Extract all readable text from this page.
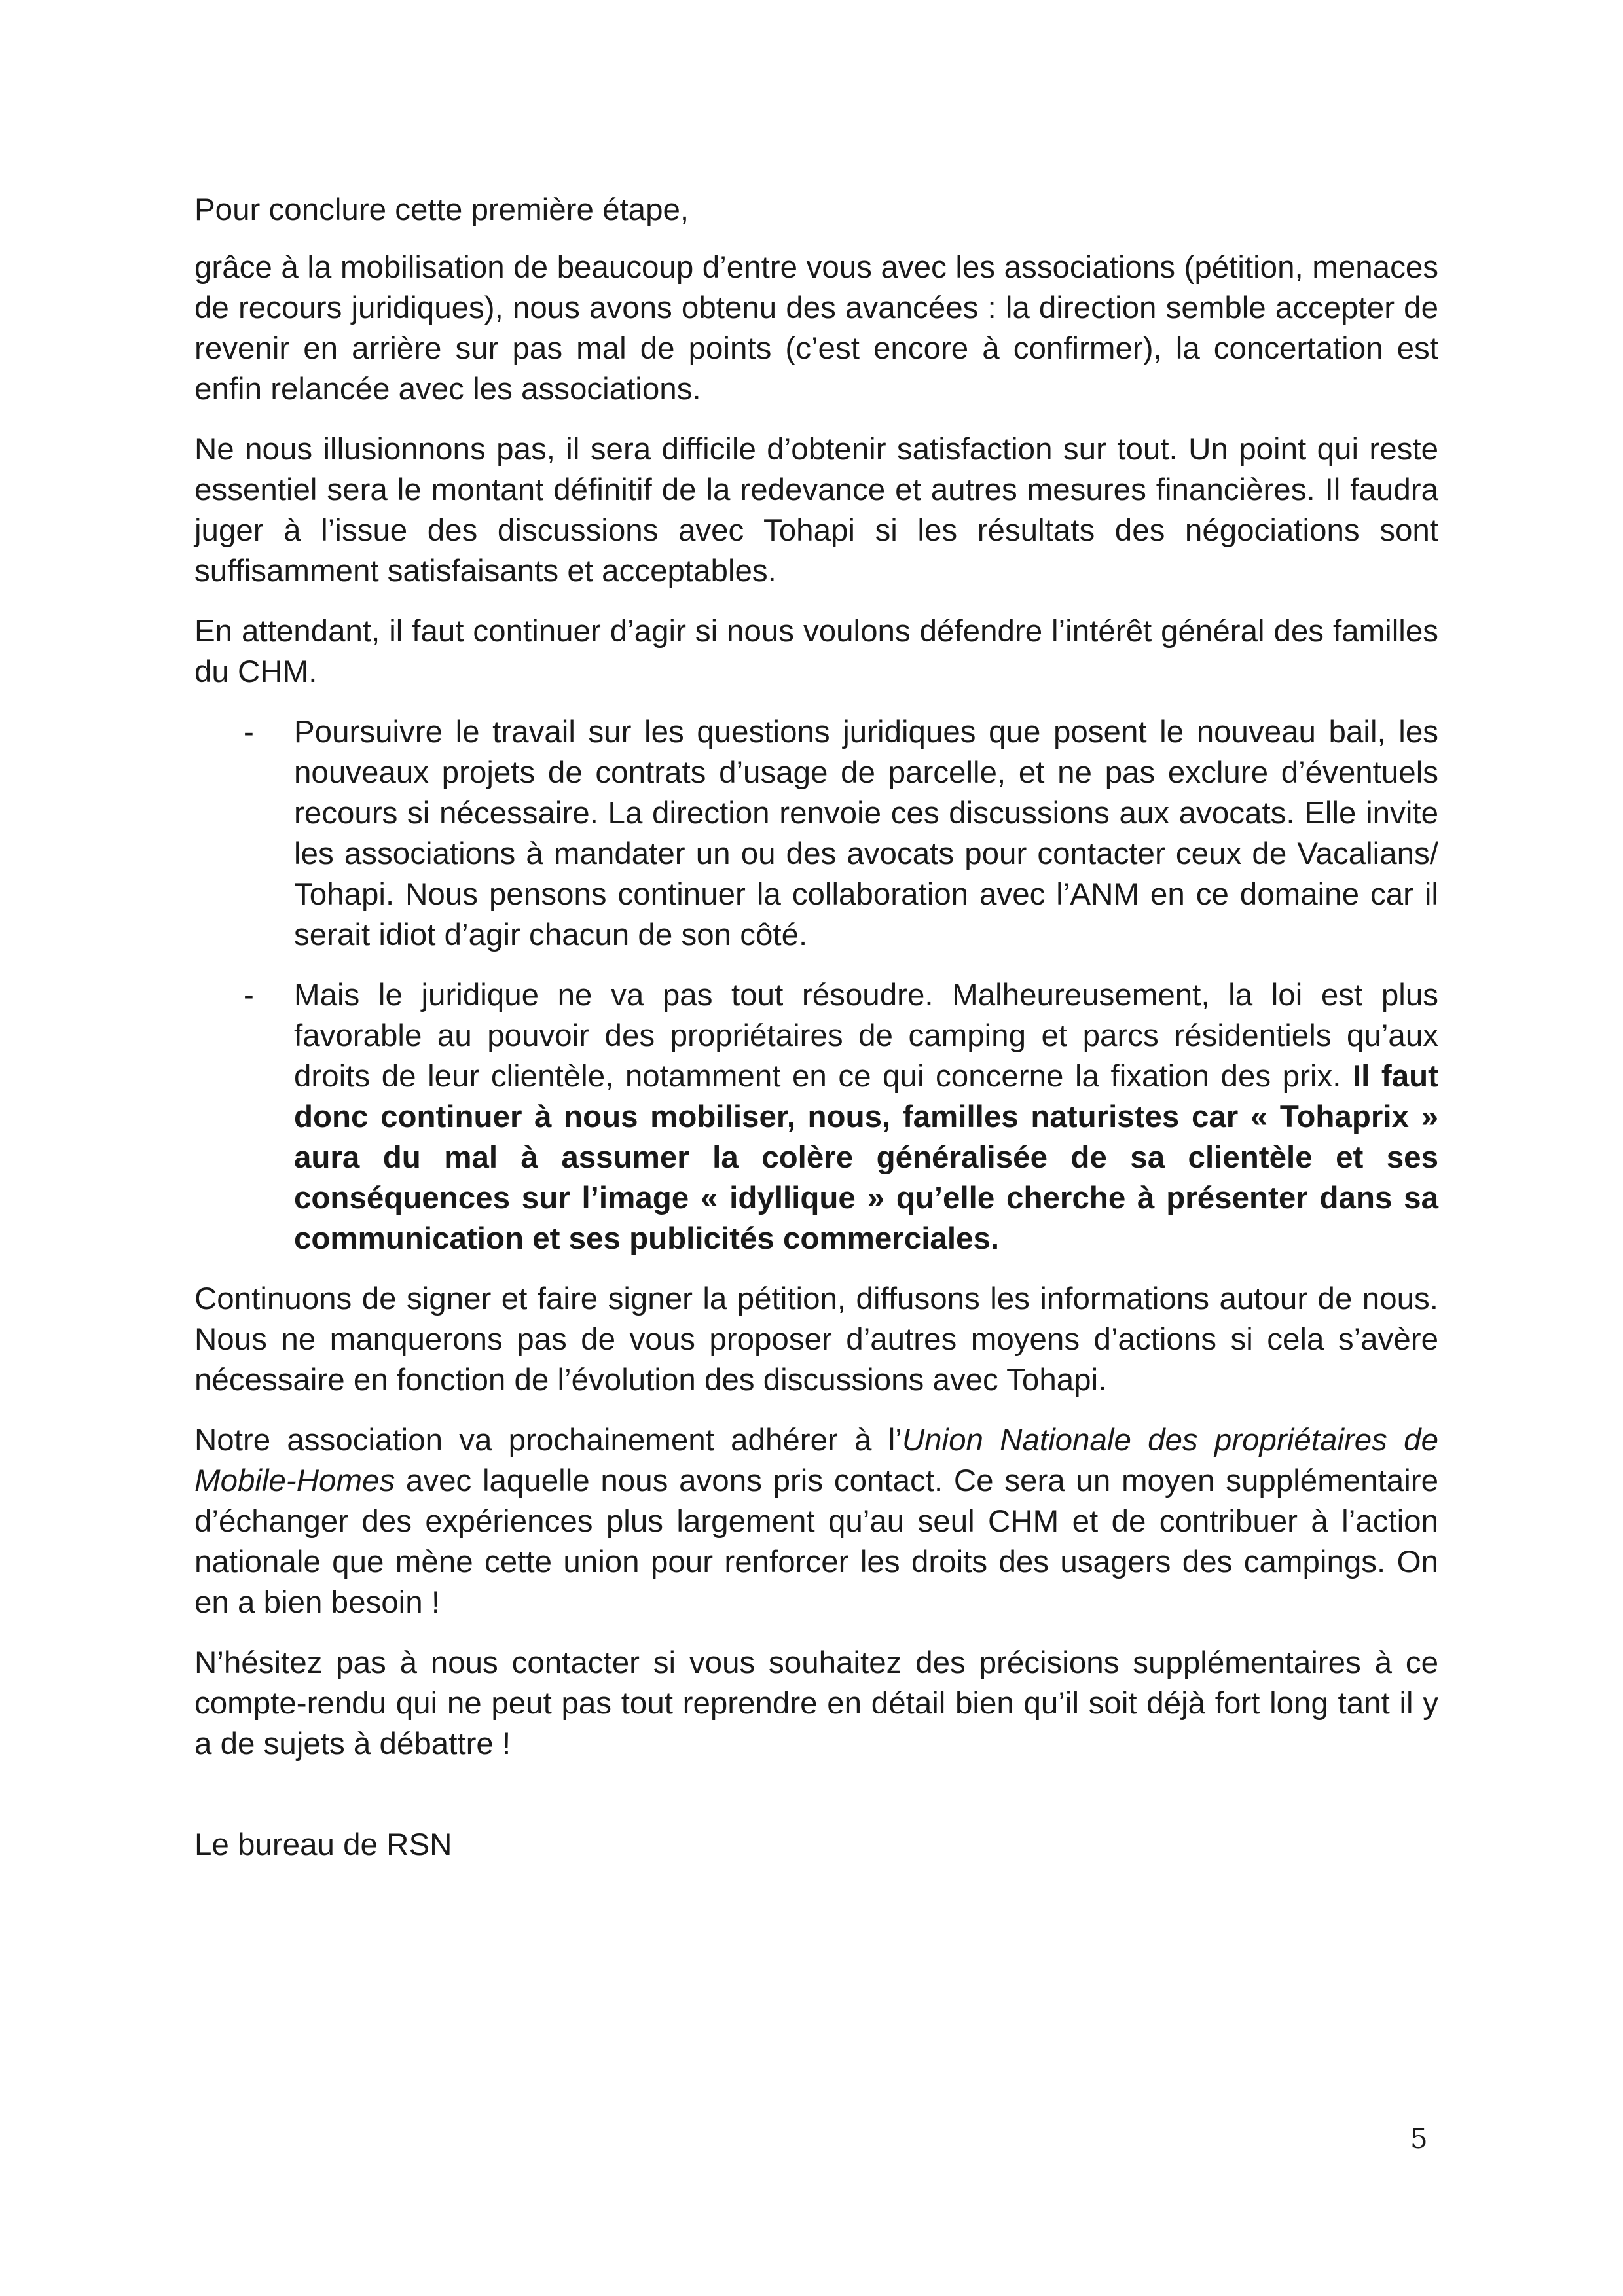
Pour conclure cette première étape,

grâce à la mobilisation de beaucoup d’entre vous avec les associations (pétition, menaces de recours juridiques), nous avons obtenu des avancées : la direction semble accepter de revenir en arrière sur pas mal de points (c’est encore à confirmer), la concertation est enfin relancée avec les associations.

Ne nous illusionnons pas, il sera difficile d’obtenir satisfaction sur tout. Un point qui reste essentiel sera le montant définitif de la redevance et autres mesures financières. Il faudra juger à l’issue des discussions avec Tohapi si les résultats des négociations sont suffisamment satisfaisants et acceptables.

En attendant, il faut continuer d’agir si nous voulons défendre l’intérêt général des familles du CHM.

- Poursuivre le travail sur les questions juridiques que posent le nouveau bail, les nouveaux projets de contrats d’usage de parcelle, et ne pas exclure d’éventuels recours si nécessaire. La direction renvoie ces discussions aux avocats. Elle invite les associations à mandater un ou des avocats pour contacter ceux de Vacalians/ Tohapi. Nous pensons continuer la collaboration avec l’ANM en ce domaine car il serait idiot d’agir chacun de son côté.
- Mais le juridique ne va pas tout résoudre. Malheureusement, la loi est plus favorable au pouvoir des propriétaires de camping et parcs résidentiels qu’aux droits de leur clientèle, notamment en ce qui concerne la fixation des prix. Il faut donc continuer à nous mobiliser, nous, familles naturistes car « Tohaprix » aura du mal à assumer la colère généralisée de sa clientèle et ses conséquences sur l’image « idyllique » qu’elle cherche à présenter dans sa communication et ses publicités commerciales.

Continuons de signer et faire signer la pétition, diffusons les informations autour de nous. Nous ne manquerons pas de vous proposer d’autres moyens d’actions si cela s’avère nécessaire en fonction de l’évolution des discussions avec Tohapi.

Notre association va prochainement adhérer à l’Union Nationale des propriétaires de Mobile-Homes avec laquelle nous avons pris contact. Ce sera un moyen supplémentaire d’échanger des expériences plus largement qu’au seul CHM et de contribuer à l’action nationale que mène cette union pour renforcer les droits des usagers des campings. On en a bien besoin !

N’hésitez pas à nous contacter si vous souhaitez des précisions supplémentaires à ce compte-rendu qui ne peut pas tout reprendre en détail bien qu’il soit déjà fort long tant il y a de sujets à débattre !

Le bureau de RSN

5
